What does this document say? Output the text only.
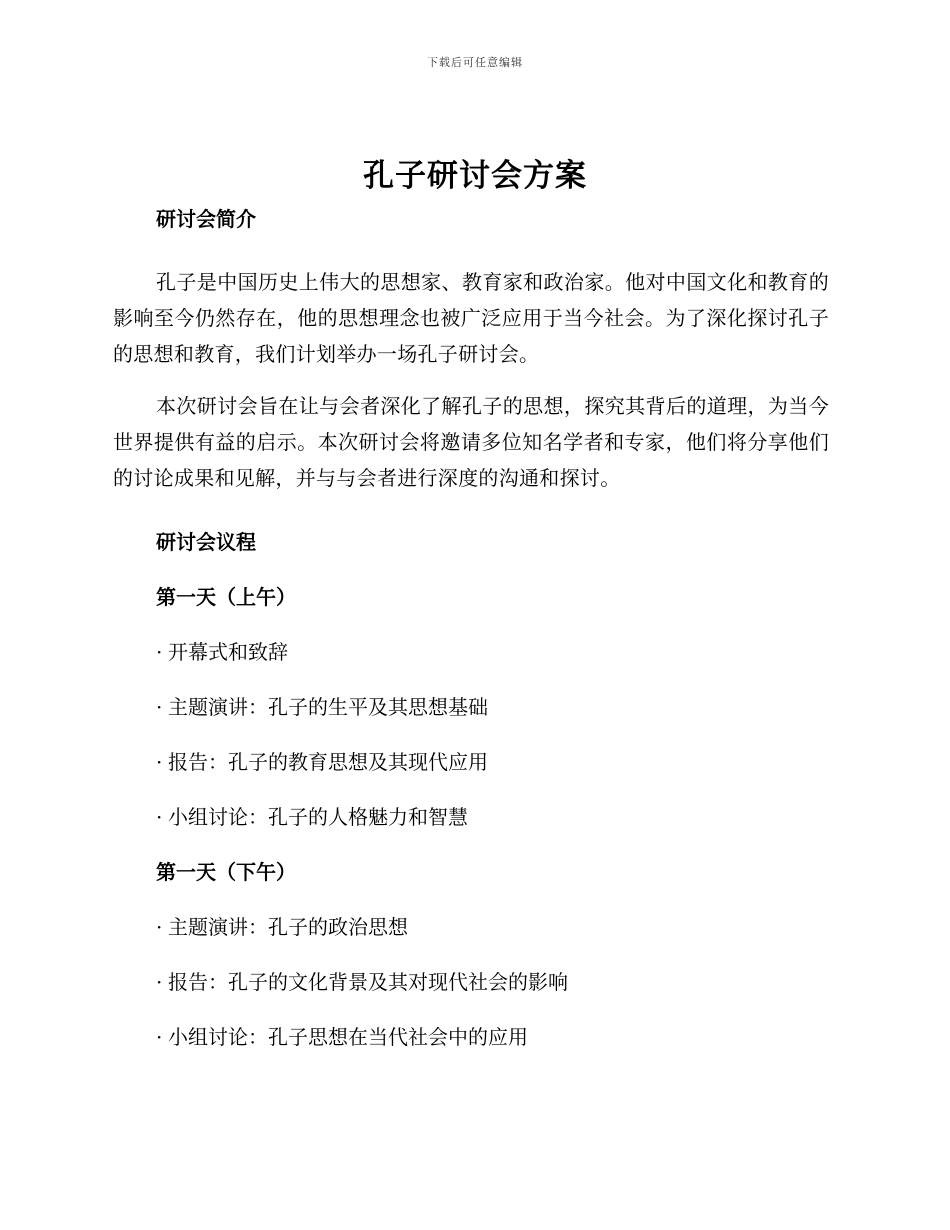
下载后可任意编辑
孔子研讨会方案
研讨会简介

孔子是中国历史上伟大的思想家、教育家和政治家。他对中国文化和教育的影响至今仍然存在，他的思想理念也被广泛应用于当今社会。为了深化探讨孔子的思想和教育，我们计划举办一场孔子研讨会。

本次研讨会旨在让与会者深化了解孔子的思想，探究其背后的道理，为当今世界提供有益的启示。本次研讨会将邀请多位知名学者和专家，他们将分享他们的讨论成果和见解，并与与会者进行深度的沟通和探讨。

研讨会议程
第一天（上午）

· 开幕式和致辞

· 主题演讲：孔子的生平及其思想基础

· 报告：孔子的教育思想及其现代应用

· 小组讨论：孔子的人格魅力和智慧

第一天（下午）

· 主题演讲：孔子的政治思想

· 报告：孔子的文化背景及其对现代社会的影响

· 小组讨论：孔子思想在当代社会中的应用
